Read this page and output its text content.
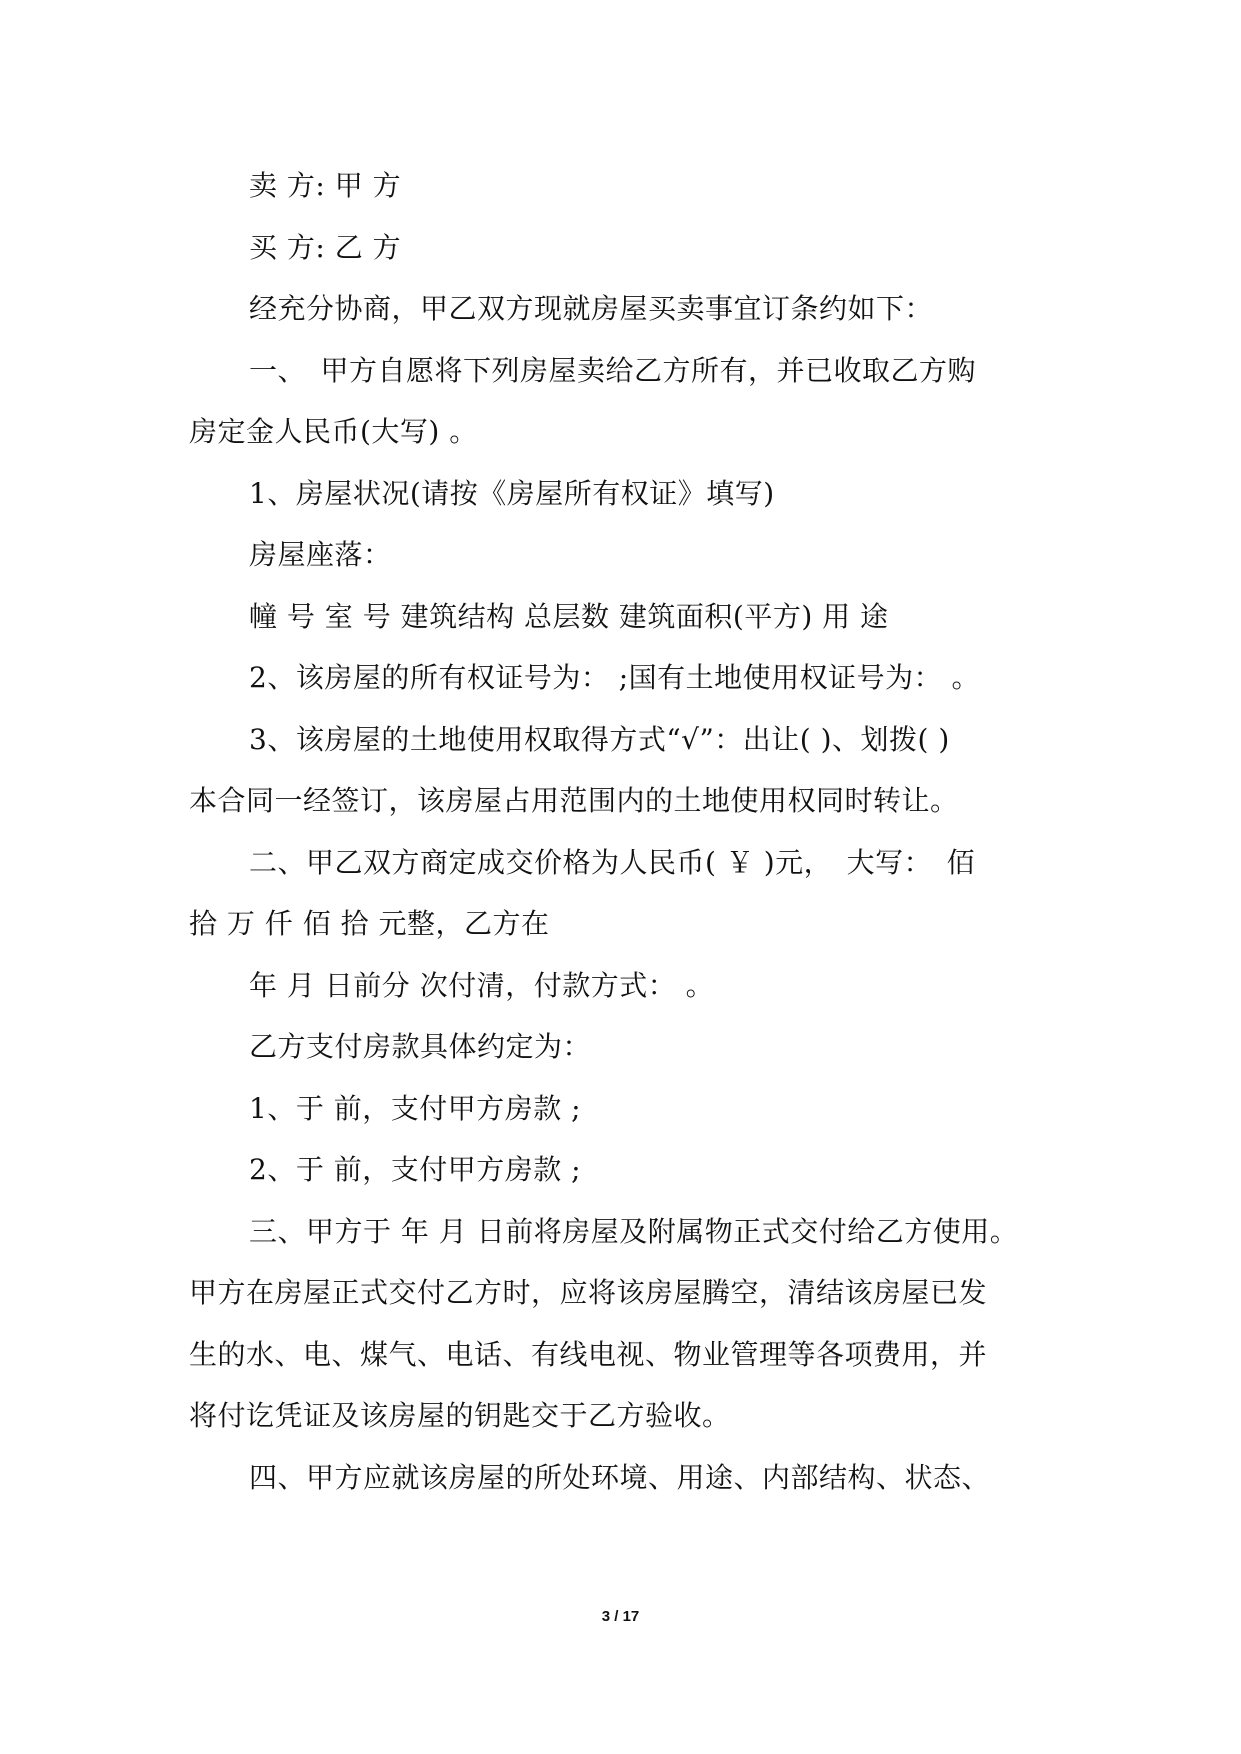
卖 方: 甲 方
买 方: 乙 方
经充分协商，甲乙双方现就房屋买卖事宜订条约如下：
一、　甲方自愿将下列房屋卖给乙方所有，并已收取乙方购
房定金人民币(大写) 。
1、房屋状况(请按《房屋所有权证》填写)
房屋座落：
幢 号 室 号 建筑结构 总层数 建筑面积(平方) 用 途
2、该房屋的所有权证号为： ;国有土地使用权证号为： 。
3、该房屋的土地使用权取得方式“√”：出让( )、划拨( )
本合同一经签订，该房屋占用范围内的土地使用权同时转让。
二、甲乙双方商定成交价格为人民币( ￥ )元，　大写：　佰
拾 万 仟 佰 拾 元整，乙方在
年 月 日前分 次付清，付款方式： 。
乙方支付房款具体约定为：
1、于 前，支付甲方房款 ;
2、于 前，支付甲方房款 ;
三、甲方于 年 月 日前将房屋及附属物正式交付给乙方使用。
甲方在房屋正式交付乙方时，应将该房屋腾空，清结该房屋已发
生的水、电、煤气、电话、有线电视、物业管理等各项费用，并
将付讫凭证及该房屋的钥匙交于乙方验收。
四、甲方应就该房屋的所处环境、用途、内部结构、状态、
3 / 17
